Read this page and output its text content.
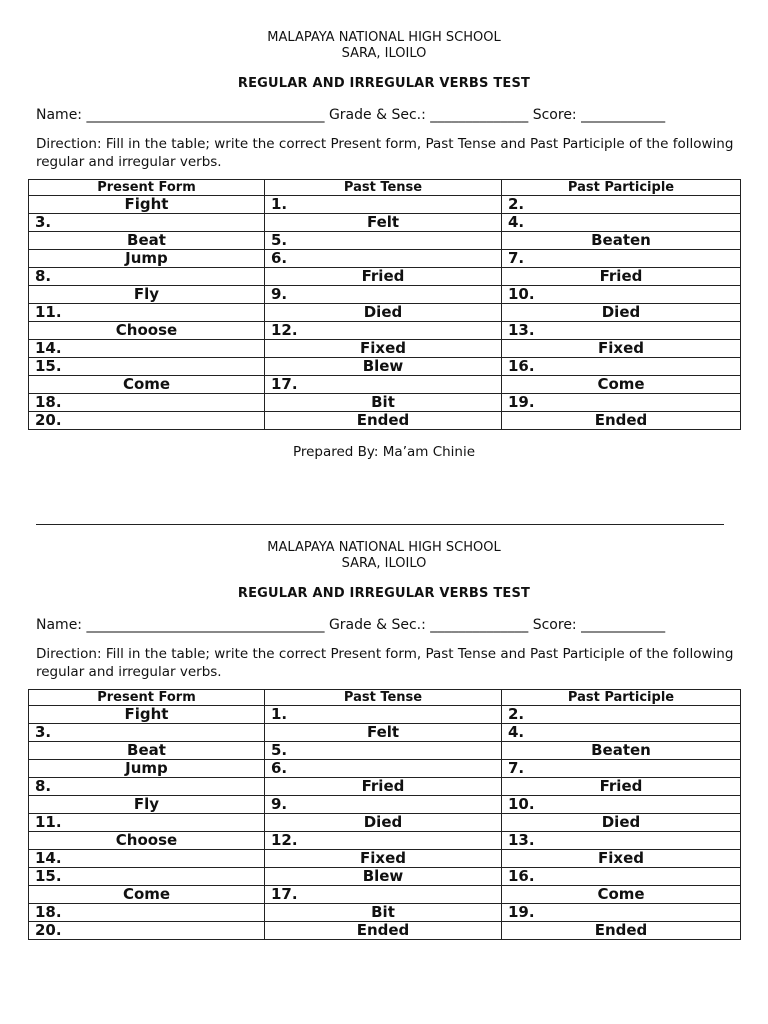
MALAPAYA NATIONAL HIGH SCHOOL
SARA, ILOILO
REGULAR AND IRREGULAR VERBS TEST
Name: __________________________________ Grade & Sec.: ______________ Score: ____________
Direction: Fill in the table; write the correct Present form, Past Tense and Past Participle of the following regular and irregular verbs.
Present Form	Past Tense	Past Participle

Fight	1.	2.

3.	Felt	4.

Beat	5.	Beaten

Jump	6.	7.

8.	Fried	Fried

Fly	9.	10.

11.	Died	Died

Choose	12.	13.

14.	Fixed	Fixed

15.	Blew	16.

Come	17.	Come

18.	Bit	19.

20.	Ended	Ended
Prepared By: Ma’am Chinie
MALAPAYA NATIONAL HIGH SCHOOL
SARA, ILOILO
REGULAR AND IRREGULAR VERBS TEST
Name: __________________________________ Grade & Sec.: ______________ Score: ____________
Direction: Fill in the table; write the correct Present form, Past Tense and Past Participle of the following regular and irregular verbs.
Present Form	Past Tense	Past Participle

Fight	1.	2.

3.	Felt	4.

Beat	5.	Beaten

Jump	6.	7.

8.	Fried	Fried

Fly	9.	10.

11.	Died	Died

Choose	12.	13.

14.	Fixed	Fixed

15.	Blew	16.

Come	17.	Come

18.	Bit	19.

20.	Ended	Ended
